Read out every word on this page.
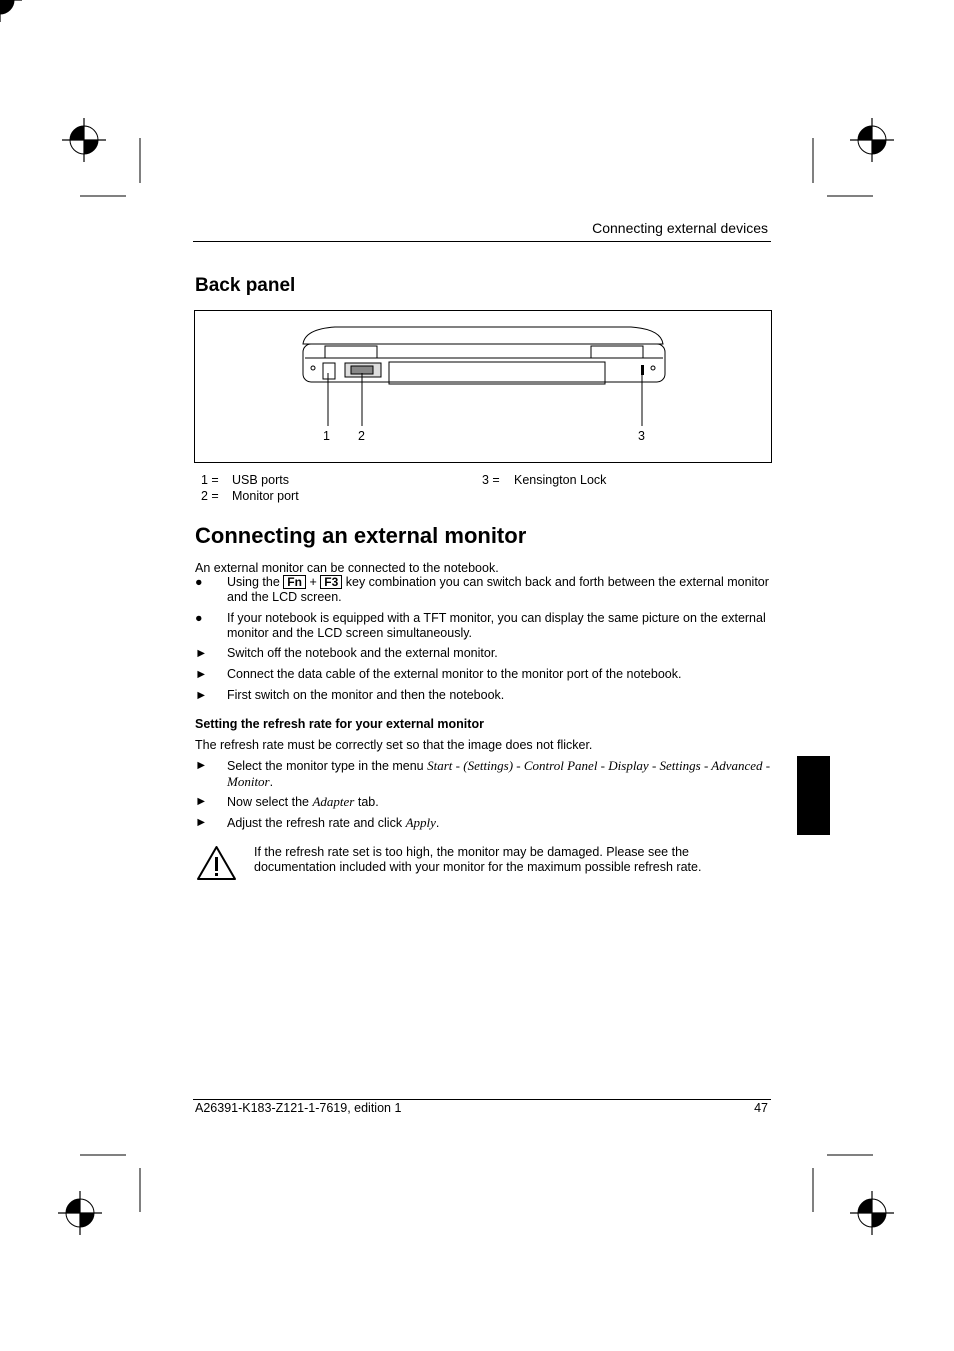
Connecting external devices
Back panel
1 2	3
1 = USB ports
2 = Monitor port
3 = Kensington Lock
Connecting an external monitor
An external monitor can be connected to the notebook.
●	Using the Fn + F3 key combination you can switch back and forth between the external monitor and the LCD screen.
●	If your notebook is equipped with a TFT monitor, you can display the same picture on the external monitor and the LCD screen simultaneously.
► Switch off the notebook and the external monitor.
► Connect the data cable of the external monitor to the monitor port of the notebook.
► First switch on the monitor and then the notebook.
Setting the refresh rate for your external monitor
The refresh rate must be correctly set so that the image does not flicker.
► Select the monitor type in the menu Start - (Settings) - Control Panel - Display - Settings - Advanced - Monitor.
► Now select the Adapter tab.
► Adjust the refresh rate and click Apply.
If the refresh rate set is too high, the monitor may be damaged. Please see the documentation included with your monitor for the maximum possible refresh rate.
A26391-K183-Z121-1-7619, edition 1	47
